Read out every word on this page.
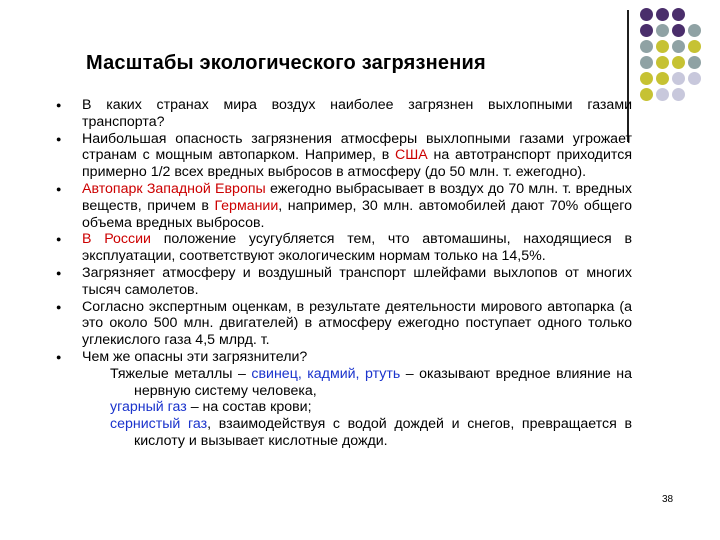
Масштабы экологического загрязнения

● В каких странах мира воздух наиболее загрязнен выхлопными газами транспорта?

● Наибольшая опасность загрязнения атмосферы выхлопными газами угрожает странам с мощным автопарком. Например, в США на автотранспорт приходится примерно 1/2 всех вредных выбросов в атмосферу (до 50 млн. т. ежегодно).

● Автопарк Западной Европы ежегодно выбрасывает в воздух до 70 млн. т. вредных веществ, причем в Германии, например, 30 млн. автомобилей дают 70% общего объема вредных выбросов.

● В России положение усугубляется тем, что автомашины, находящиеся в эксплуатации, соответствуют экологическим нормам только на 14,5%.

● Загрязняет атмосферу и воздушный транспорт шлейфами выхлопов от многих тысяч самолетов.

● Согласно экспертным оценкам, в результате деятельности мирового автопарка (а это около 500 млн. двигателей) в атмосферу ежегодно поступает одного только углекислого газа 4,5 млрд. т.

● Чем же опасны эти загрязнители?

Тяжелые металлы – свинец, кадмий, ртуть – оказывают вредное влияние на нервную систему человека,

угарный газ – на состав крови;

сернистый газ, взаимодействуя с водой дождей и снегов, превращается в кислоту и вызывает кислотные дожди.

38
